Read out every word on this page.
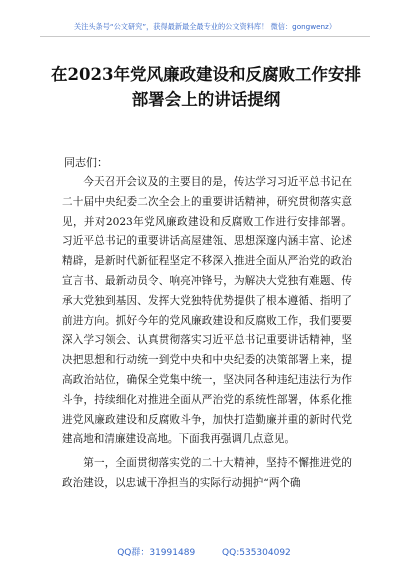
关注头条号“公文研究”，获得最新最全最专业的公文资料库！ 微信：gongwenz）
在2023年党风廉政建设和反腐败工作安排部署会上的讲话提纲
同志们：

今天召开会议及的主要目的是，传达学习习近平总书记在二十届中央纪委二次全会上的重要讲话精神，研究贯彻落实意见，并对2023年党风廉政建设和反腐败工作进行安排部署。习近平总书记的重要讲话高屋建瓴、思想深邃内涵丰富、论述精辟，是新时代新征程坚定不移深入推进全面从严治党的政治宣言书、最新动员令、响亮冲锋号，为解决大党独有难题、传承大党独到基因、发挥大党独特优势提供了根本遵循、指明了前进方向。抓好今年的党风廉政建设和反腐败工作，我们要要深入学习领会、认真贯彻落实习近平总书记重要讲话精神，坚决把思想和行动统一到党中央和中央纪委的决策部署上来，提高政治站位，确保全党集中统一，坚决同各种违纪违法行为作斗争，持续细化对推进全面从严治党的系统性部署，体系化推进党风廉政建设和反腐败斗争，加快打造勤廉并重的新时代党建高地和清廉建设高地。下面我再强调几点意见。

第一，全面贯彻落实党的二十大精神，坚持不懈推进党的政治建设，以忠诚干净担当的实际行动拥护“两个确

QQ群：31991489	QQ:535304092
